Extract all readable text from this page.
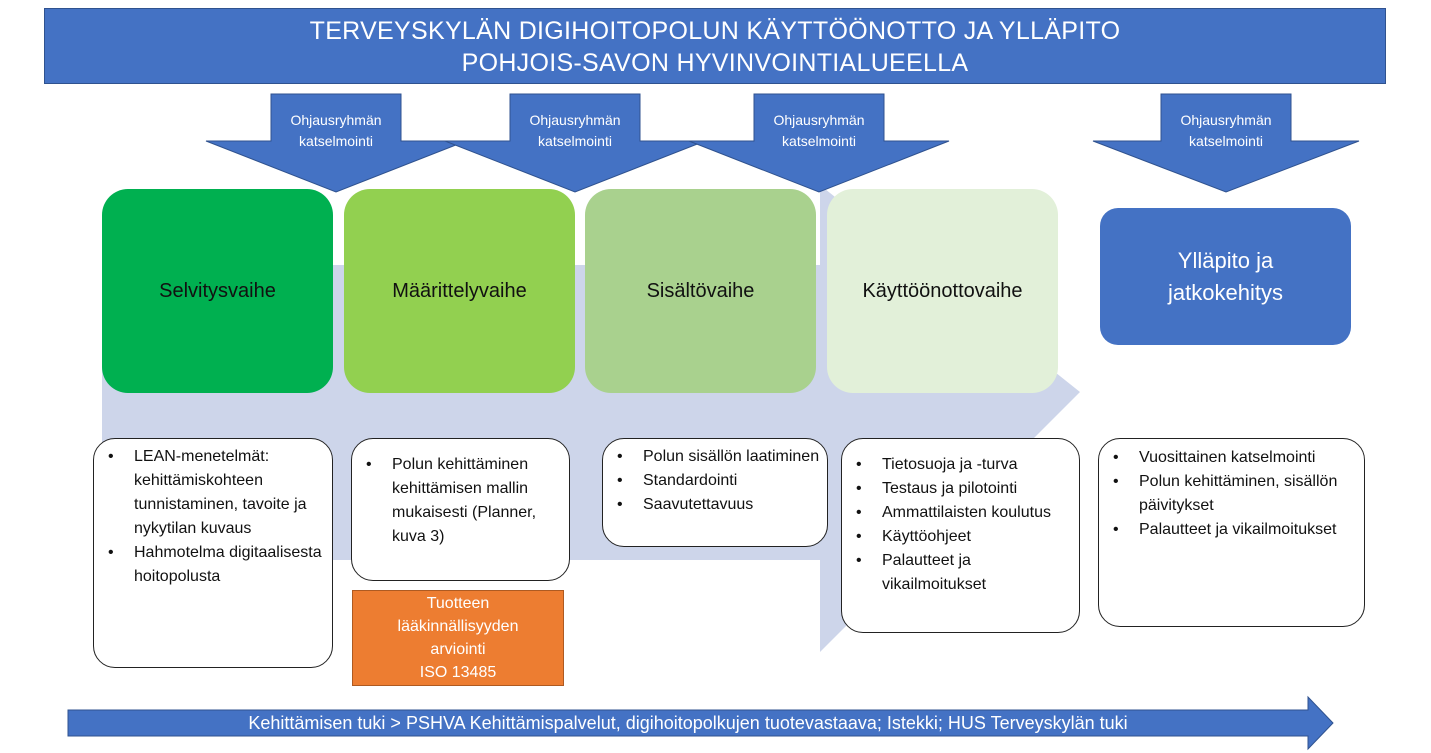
TERVEYSKYLÄN DIGIHOITOPOLUN KÄYTTÖÖNOTTO JA YLLÄPITO
POHJOIS-SAVON HYVINVOINTIALUEELLA
Ohjausryhmän
katselmointi
Ohjausryhmän
katselmointi
Ohjausryhmän
katselmointi
Ohjausryhmän
katselmointi
Selvitysvaihe	Määrittelyvaihe	Sisältövaihe	Käyttöönottovaihe
Ylläpito ja
jatkokehitys
• LEAN-menetelmät: kehittämiskohteen tunnistaminen, tavoite ja nykytilan kuvaus
• Hahmotelma digitaalisesta hoitopolusta
• Polun kehittäminen kehittämisen mallin mukaisesti (Planner, kuva 3)
• Polun sisällön laatiminen
• Standardointi
• Saavutettavuus
• Tietosuoja ja -turva
• Testaus ja pilotointi
• Ammattilaisten koulutus
• Käyttöohjeet
• Palautteet ja vikailmoitukset
• Vuosittainen katselmointi
• Polun kehittäminen, sisällön päivitykset
• Palautteet ja vikailmoitukset
Tuotteen
lääkinnällisyyden
arviointi
ISO 13485
Kehittämisen tuki > PSHVA Kehittämispalvelut, digihoitopolkujen tuotevastaava; Istekki; HUS Terveyskylän tuki
